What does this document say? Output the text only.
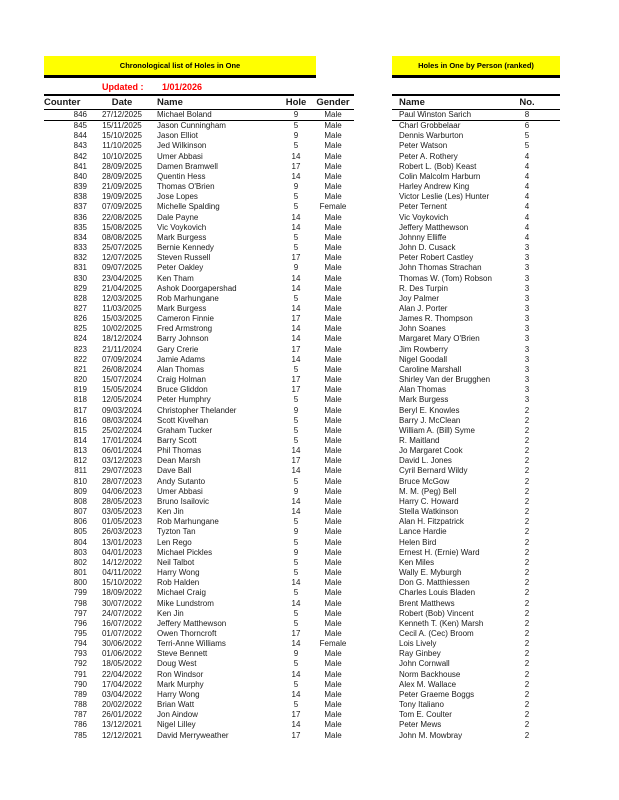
Chronological list of Holes in One	Holes in One by Person (ranked)
Updated : 1/01/2026
Counter	Date	Name	Hole	Gender
846	27/12/2025	Michael Boland	9	Male
845	15/11/2025	Jason Cunningham	5	Male
844	15/10/2025	Jason Elliot	9	Male
843	11/10/2025	Jed Wilkinson	5	Male
842	10/10/2025	Umer Abbasi	14	Male
841	28/09/2025	Damen Bramwell	17	Male
840	28/09/2025	Quentin Hess	14	Male
839	21/09/2025	Thomas O'Brien	9	Male
838	19/09/2025	Jose Lopes	5	Male
837	07/09/2025	Michelle Spalding	5	Female
836	22/08/2025	Dale Payne	14	Male
835	15/08/2025	Vic Voykovich	14	Male
834	08/08/2025	Mark Burgess	5	Male
833	25/07/2025	Bernie Kennedy	5	Male
832	12/07/2025	Steven Russell	17	Male
831	09/07/2025	Peter Oakley	9	Male
830	23/04/2025	Ken Tham	14	Male
829	21/04/2025	Ashok Doorgapershad	14	Male
828	12/03/2025	Rob Marhungane	5	Male
827	11/03/2025	Mark Burgess	14	Male
826	15/03/2025	Cameron Finnie	17	Male
825	10/02/2025	Fred Armstrong	14	Male
824	18/12/2024	Barry Johnson	14	Male
823	21/11/2024	Gary Crerie	17	Male
822	07/09/2024	Jamie Adams	14	Male
821	26/08/2024	Alan Thomas	5	Male
820	15/07/2024	Craig Holman	17	Male
819	15/05/2024	Bruce Gliddon	17	Male
818	12/05/2024	Peter Humphry	5	Male
817	09/03/2024	Christopher Thelander	9	Male
816	08/03/2024	Scott Kivelhan	5	Male
815	25/02/2024	Graham Tucker	5	Male
814	17/01/2024	Barry Scott	5	Male
813	06/01/2024	Phil Thomas	14	Male
812	03/12/2023	Dean Marsh	17	Male
811	29/07/2023	Dave Ball	14	Male
810	28/07/2023	Andy Sutanto	5	Male
809	04/06/2023	Umer Abbasi	9	Male
808	28/05/2023	Bruno Isailovic	14	Male
807	03/05/2023	Ken Jin	14	Male
806	01/05/2023	Rob Marhungane	5	Male
805	26/03/2023	Tyzton Tan	9	Male
804	13/01/2023	Len Rego	5	Male
803	04/01/2023	Michael Pickles	9	Male
802	14/12/2022	Neil Talbot	5	Male
801	04/11/2022	Harry Wong	5	Male
800	15/10/2022	Rob Halden	14	Male
799	18/09/2022	Michael Craig	5	Male
798	30/07/2022	Mike Lundstrom	14	Male
797	24/07/2022	Ken Jin	5	Male
796	16/07/2022	Jeffery Matthewson	5	Male
795	01/07/2022	Owen Thorncroft	17	Male
794	30/06/2022	Terri-Anne Williams	14	Female
793	01/06/2022	Steve Bennett	9	Male
792	18/05/2022	Doug West	5	Male
791	22/04/2022	Ron Windsor	14	Male
790	17/04/2022	Mark Murphy	5	Male
789	03/04/2022	Harry Wong	14	Male
788	20/02/2022	Brian Watt	5	Male
787	26/01/2022	Jon Aindow	17	Male
786	13/12/2021	Nigel Lilley	14	Male
785	12/12/2021	David Merryweather	17	Male
Name	No.
Paul Winston Sarich	8
Charl Grobbelaar	6
Dennis Warburton	5
Peter Watson	5
Peter A. Rothery	4
Robert L. (Bob) Keast	4
Colin Malcolm Harburn	4
Harley Andrew King	4
Victor Leslie (Les) Hunter	4
Peter Ternent	4
Vic Voykovich	4
Jeffery Matthewson	4
Johnny Elliffe	4
John D. Cusack	3
Peter Robert Castley	3
John Thomas Strachan	3
Thomas W. (Tom) Robson	3
R. Des Turpin	3
Joy Palmer	3
Alan J. Porter	3
James R. Thompson	3
John Soanes	3
Margaret Mary O'Brien	3
Jim Rowberry	3
Nigel Goodall	3
Caroline Marshall	3
Shirley Van der Brugghen	3
Alan Thomas	3
Mark Burgess	3
Beryl E. Knowles	2
Barry J. McClean	2
William A. (Bill) Syme	2
R. Maitland	2
Jo Margaret Cook	2
David L. Jones	2
Cyril Bernard Wildy	2
Bruce McGow	2
M. M. (Peg) Bell	2
Harry C. Howard	2
Stella Watkinson	2
Alan H. Fitzpatrick	2
Lance Hardie	2
Helen Bird	2
Ernest H. (Ernie) Ward	2
Ken Miles	2
Wally E. Myburgh	2
Don G. Matthiessen	2
Charles Louis Bladen	2
Brent Matthews	2
Robert (Bob) Vincent	2
Kenneth T. (Ken) Marsh	2
Cecil A. (Cec) Broom	2
Lois Lively	2
Ray Ginbey	2
John Cornwall	2
Norm Backhouse	2
Alex M. Wallace	2
Peter Graeme Boggs	2
Tony Italiano	2
Tom E. Coulter	2
Peter Mews	2
John M. Mowbray	2
